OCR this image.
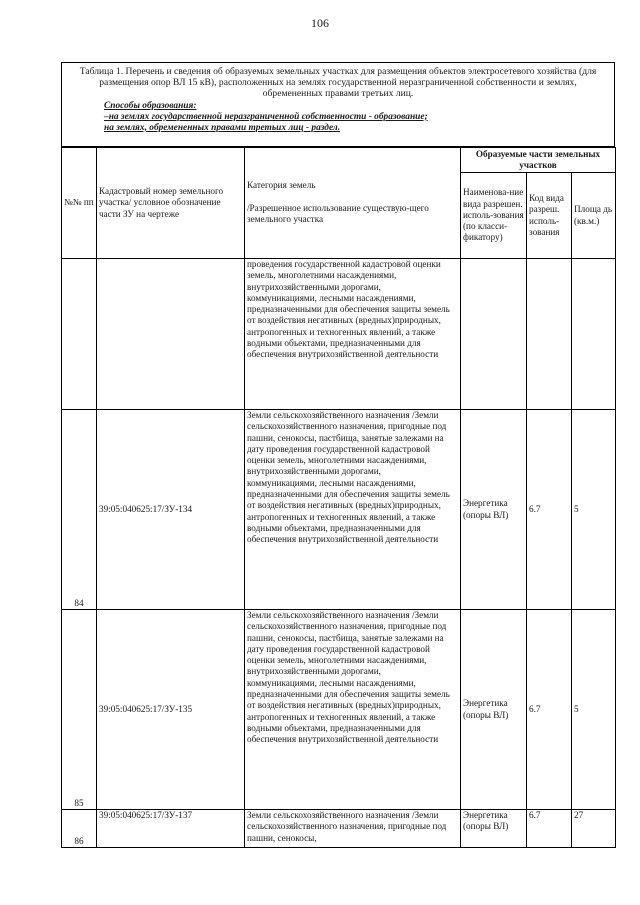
106
Таблица 1. Перечень и сведения об образуемых земельных участках для размещения объектов электросетевого хозяйства (для размещения опор ВЛ 15 кВ), расположенных на землях государственной неразграниченной собственности и землях, обремененных правами третьих лиц.
Способы образования:
–на землях государственной неразграниченной собственности - образование;
на землях, обремененных правами третьих лиц - раздел.
№№ пп	Кадастровый номер земельного участка/ условное обозначение части ЗУ на чертеже	Категория земель

/Разрешенное использование существую-щего земельного участка	Образуемые части земельных участков		
			Наименова-ние вида разрешен. исполь-зования (по класси-фикатору)	Код вида разреш. исполь-зования	Площа дь (кв.м.)
		проведения государственной кадастровой оценки земель, многолетними насаждениями, внутрихозяйственными дорогами,
коммуникациями, лесными насаждениями, предназначенными для обеспечения защиты земель от воздействия негативных (вредных)природных, антропогенных и техногенных явлений, а также водными объектами, предназначенными для обеспечения внутрихозяйственной деятельности			
84	39:05:040625:17/ЗУ-134	Земли сельскохозяйственного назначения /Земли сельскохозяйственного назначения, пригодные под пашни, сенокосы, пастбища, занятые залежами на дату проведения государственной кадастровой оценки земель, многолетними насаждениями, внутрихозяйственными дорогами,
коммуникациями, лесными насаждениями, предназначенными для обеспечения защиты земель от воздействия негативных (вредных)природных, антропогенных и техногенных явлений, а также водными объектами, предназначенными для обеспечения внутрихозяйственной деятельности	Энергетика (опоры ВЛ)	6.7	5
85	39:05:040625:17/ЗУ-135	Земли сельскохозяйственного назначения /Земли сельскохозяйственного назначения, пригодные под пашни, сенокосы, пастбища, занятые залежами на дату проведения государственной кадастровой оценки земель, многолетними насаждениями, внутрихозяйственными дорогами,
коммуникациями, лесными насаждениями, предназначенными для обеспечения защиты земель от воздействия негативных (вредных)природных, антропогенных и техногенных явлений, а также водными объектами, предназначенными для обеспечения внутрихозяйственной деятельности	Энергетика (опоры ВЛ)	6.7	5
86	39:05:040625:17/ЗУ-137	Земли сельскохозяйственного назначения /Земли сельскохозяйственного назначения, пригодные под пашни, сенокосы,	Энергетика (опоры ВЛ)	6.7	27
